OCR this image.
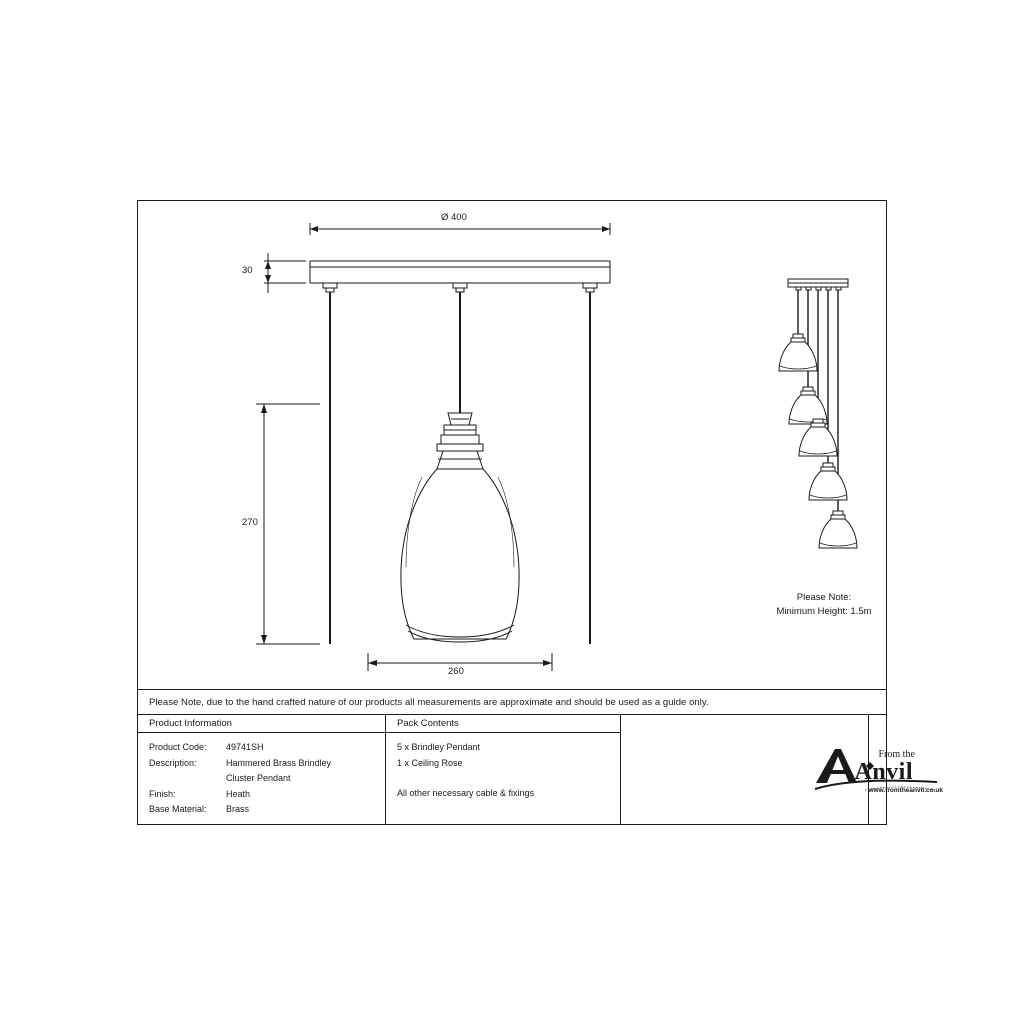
Ø 400
30
270
260
Please Note:
Minimum Height: 1.5m
Please Note, due to the hand crafted nature of our products all measurements are approximate and should be used as a guide only.
Product Information
Product Code:	49741SH
Description:	Hammered Brass Brindley
Cluster Pendant
Finish:	Heath
Base Material:	Brass
Pack Contents
5 x Brindley Pendant
1 x Ceiling Rose
All other necessary cable & fixings
From the
Anvil
www.fromtheanvil.co.uk
